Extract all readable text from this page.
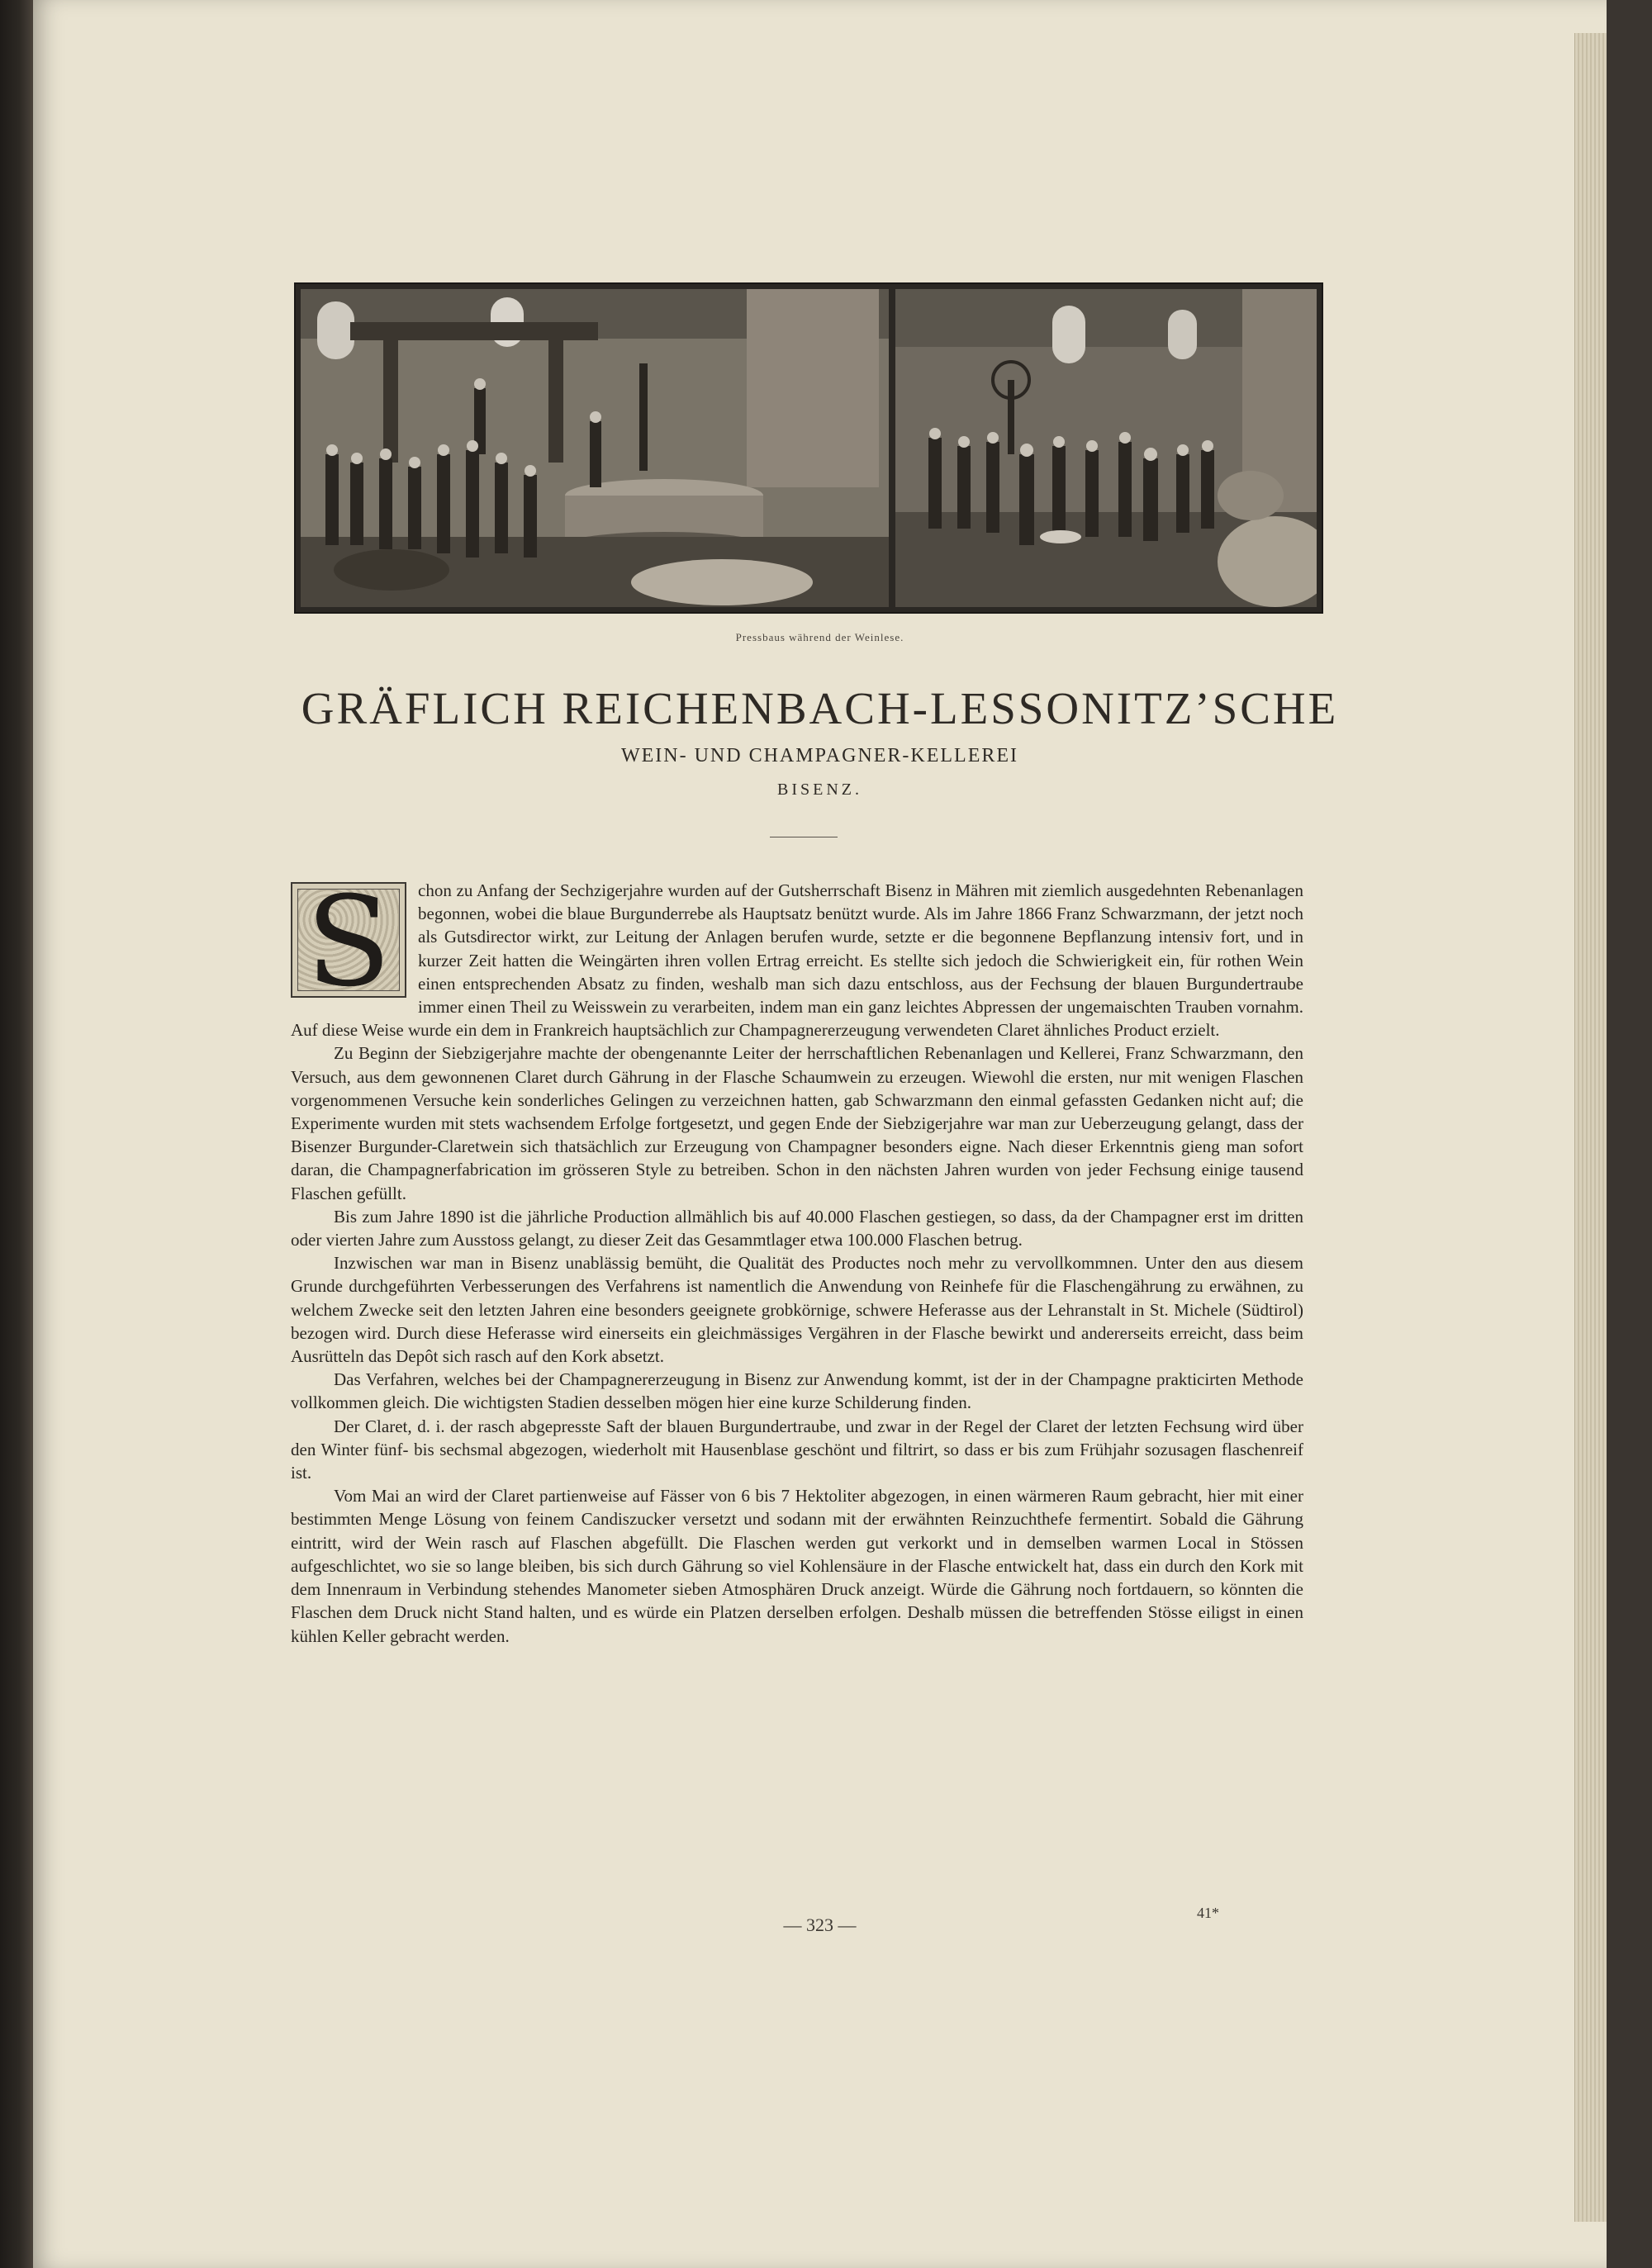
Pressbaus während der Weinlese.
GRÄFLICH REICHENBACH-LESSONITZ’SCHE
WEIN- UND CHAMPAGNER-KELLEREI
BISENZ.
S	chon zu Anfang der Sechzigerjahre wurden auf der Gutsherrschaft Bisenz in Mähren mit ziemlich ausgedehnten Rebenanlagen begonnen, wobei die blaue Burgunderrebe als Hauptsatz benützt wurde. Als im Jahre 1866 Franz Schwarzmann, der jetzt noch als Gutsdirector wirkt, zur Leitung der Anlagen berufen wurde, setzte er die begonnene Bepflanzung intensiv fort, und in kurzer Zeit hatten die Weingärten ihren vollen Ertrag erreicht. Es stellte sich jedoch die Schwierigkeit ein, für rothen Wein einen entsprechenden Absatz zu finden, weshalb man sich dazu entschloss, aus der Fechsung der blauen Burgundertraube immer einen Theil zu Weisswein zu verarbeiten, indem man ein ganz leichtes Abpressen der ungemaischten Trauben vornahm. Auf diese Weise wurde ein dem in Frankreich hauptsächlich zur Champagnererzeugung verwendeten Claret ähnliches Product erzielt.

Zu Beginn der Siebzigerjahre machte der obengenannte Leiter der herrschaftlichen Rebenanlagen und Kellerei, Franz Schwarzmann, den Versuch, aus dem gewonnenen Claret durch Gährung in der Flasche Schaumwein zu erzeugen. Wiewohl die ersten, nur mit wenigen Flaschen vorgenommenen Versuche kein sonderliches Gelingen zu verzeichnen hatten, gab Schwarzmann den einmal gefassten Gedanken nicht auf; die Experimente wurden mit stets wachsendem Erfolge fortgesetzt, und gegen Ende der Siebzigerjahre war man zur Ueberzeugung gelangt, dass der Bisenzer Burgunder-Claretwein sich thatsächlich zur Erzeugung von Champagner besonders eigne. Nach dieser Erkenntnis gieng man sofort daran, die Champagnerfabrication im grösseren Style zu betreiben. Schon in den nächsten Jahren wurden von jeder Fechsung einige tausend Flaschen gefüllt.

Bis zum Jahre 1890 ist die jährliche Production allmählich bis auf 40.000 Flaschen gestiegen, so dass, da der Champagner erst im dritten oder vierten Jahre zum Ausstoss gelangt, zu dieser Zeit das Gesammtlager etwa 100.000 Flaschen betrug.

Inzwischen war man in Bisenz unablässig bemüht, die Qualität des Productes noch mehr zu vervollkommnen. Unter den aus diesem Grunde durchgeführten Verbesserungen des Verfahrens ist namentlich die Anwendung von Reinhefe für die Flaschengährung zu erwähnen, zu welchem Zwecke seit den letzten Jahren eine besonders geeignete grobkörnige, schwere Heferasse aus der Lehranstalt in St. Michele (Südtirol) bezogen wird. Durch diese Heferasse wird einerseits ein gleichmässiges Vergähren in der Flasche bewirkt und andererseits erreicht, dass beim Ausrütteln das Depôt sich rasch auf den Kork absetzt.

Das Verfahren, welches bei der Champagnererzeugung in Bisenz zur Anwendung kommt, ist der in der Champagne prakticirten Methode vollkommen gleich. Die wichtigsten Stadien desselben mögen hier eine kurze Schilderung finden.

Der Claret, d. i. der rasch abgepresste Saft der blauen Burgundertraube, und zwar in der Regel der Claret der letzten Fechsung wird über den Winter fünf- bis sechsmal abgezogen, wiederholt mit Hausenblase geschönt und filtrirt, so dass er bis zum Frühjahr sozusagen flaschenreif ist.

Vom Mai an wird der Claret partienweise auf Fässer von 6 bis 7 Hektoliter abgezogen, in einen wärmeren Raum gebracht, hier mit einer bestimmten Menge Lösung von feinem Candiszucker versetzt und sodann mit der erwähnten Reinzuchthefe fermentirt. Sobald die Gährung eintritt, wird der Wein rasch auf Flaschen abgefüllt. Die Flaschen werden gut verkorkt und in demselben warmen Local in Stössen aufgeschlichtet, wo sie so lange bleiben, bis sich durch Gährung so viel Kohlensäure in der Flasche entwickelt hat, dass ein durch den Kork mit dem Innenraum in Verbindung stehendes Manometer sieben Atmosphären Druck anzeigt. Würde die Gährung noch fortdauern, so könnten die Flaschen dem Druck nicht Stand halten, und es würde ein Platzen derselben erfolgen. Deshalb müssen die betreffenden Stösse eiligst in einen kühlen Keller gebracht werden.

— 323 —
41*
